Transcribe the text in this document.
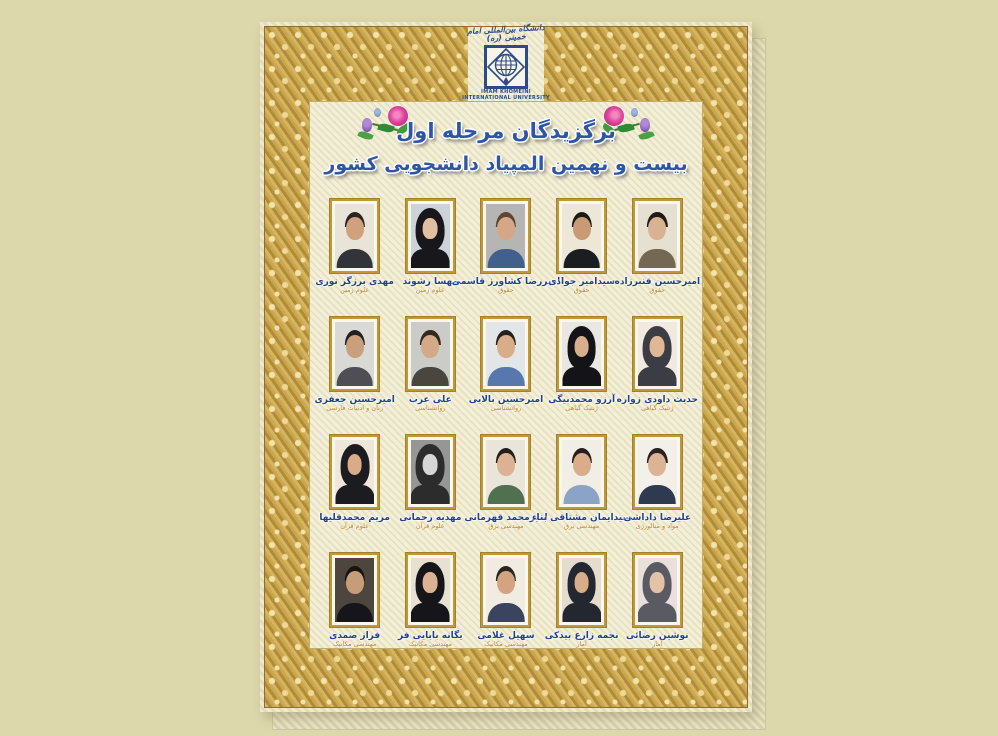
برگزیدگان مرحله اول
بیست و نهمین المپیاد دانشجویی کشور
مهدی برزگر نوری
علوم زمین
مهسا رشوند
علوم زمین
امیررضا کشاورز قاسمی
حقوق
سیدامیر جوادی
حقوق
امیرحسین قنبرزاده
حقوق
امیرحسین جعفری
زبان و ادبیات فارسی
علی عرب
روانشناسی
امیرحسین بالایی
روانشناسی
آرزو محمدبیگی
ژنتیک گیاهی
حدیث داودی زواره
ژنتیک گیاهی
مریم محمدقلیها
علوم قرآن
مهدیه رحمانی
علوم قرآن
امیرمحمد قهرمانی
مهندسی برق
سیدایمان مشتاقی بناء
مهندسی برق
علیرضا داداشی
مواد و متالورژی
فراز صمدی
مهندسی مکانیک
یگانه بابایی فر
مهندسی مکانیک
سهیل غلامی
مهندسی مکانیک
نجمه زارع بیدکی
آمار
نوشین رضائی
آمار
دانشگاه بین‌المللی امام خمینی (ره)
IMAM KHOMEINI
INTERNATIONAL UNIVERSITY
